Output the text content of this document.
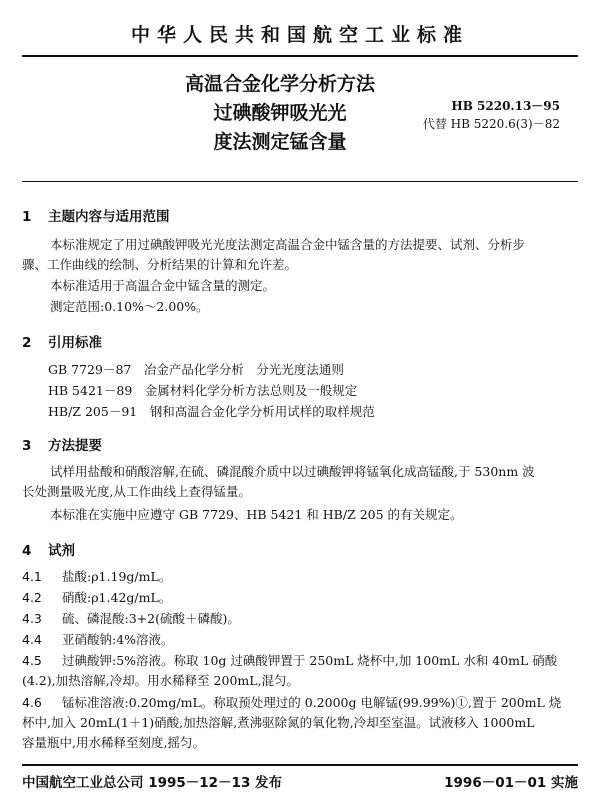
中华人民共和国航空工业标准
高温合金化学分析方法
过碘酸钾吸光光
度法测定锰含量
HB 5220.13－95
代替 HB 5220.6(3)－82
1 主题内容与适用范围
本标准规定了用过碘酸钾吸光光度法测定高温合金中锰含量的方法提要、试剂、分析步
骤、工作曲线的绘制、分析结果的计算和允许差。
本标准适用于高温合金中锰含量的测定。
测定范围:0.10%～2.00%。
2 引用标准
GB 7729－87　冶金产品化学分析　分光光度法通则
HB 5421－89　金属材料化学分析方法总则及一般规定
HB/Z 205－91　钢和高温合金化学分析用试样的取样规范
3 方法提要
试样用盐酸和硝酸溶解,在硫、磷混酸介质中以过碘酸钾将锰氧化成高锰酸,于 530nm 波
长处测量吸光度,从工作曲线上查得锰量。
本标准在实施中应遵守 GB 7729、HB 5421 和 HB/Z 205 的有关规定。
4 试剂
4.1 盐酸:ρ1.19g/mL。
4.2 硝酸:ρ1.42g/mL。
4.3 硫、磷混酸:3+2(硫酸＋磷酸)。
4.4 亚硝酸钠:4%溶液。
4.5 过碘酸钾:5%溶液。称取 10g 过碘酸钾置于 250mL 烧杯中,加 100mL 水和 40mL 硝酸
(4.2),加热溶解,冷却。用水稀释至 200mL,混匀。
4.6 锰标准溶液:0.20mg/mL。称取预处理过的 0.2000g 电解锰(99.99%)①,置于 200mL 烧
杯中,加入 20mL(1＋1)硝酸,加热溶解,煮沸驱除氮的氧化物,冷却至室温。试液移入 1000mL
容量瓶中,用水稀释至刻度,摇匀。
中国航空工业总公司 1995－12－13 发布	1996－01－01 实施
